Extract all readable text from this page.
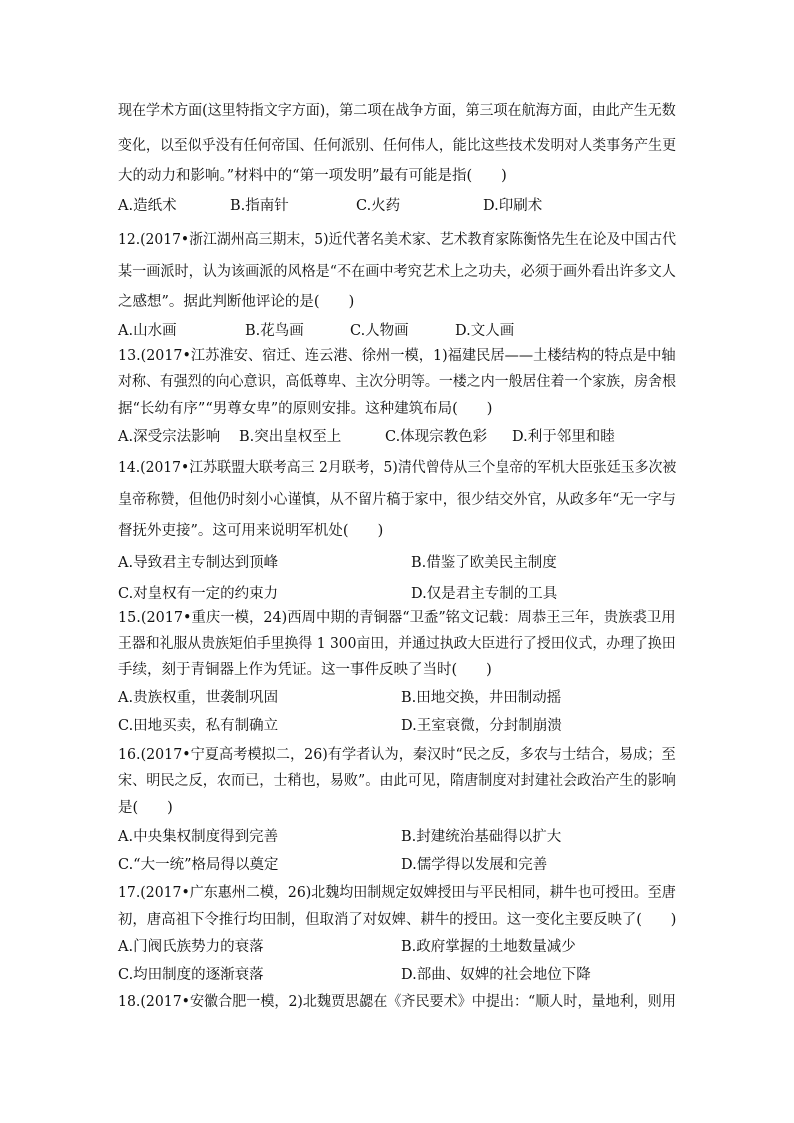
现在学术方面(这里特指文字方面)，第二项在战争方面，第三项在航海方面，由此产生无数
变化，以至似乎没有任何帝国、任何派别、任何伟人，能比这些技术发明对人类事务产生更
大的动力和影响。”材料中的“第一项发明”最有可能是指(　　)
A.造纸术	B.指南针	C.火药	D.印刷术
12.(2017•浙江湖州高三期末，5)近代著名美术家、艺术教育家陈衡恪先生在论及中国古代
某一画派时，认为该画派的风格是“不在画中考究艺术上之功夫，必须于画外看出许多文人
之感想”。据此判断他评论的是(　　)
A.山水画	B.花鸟画	C.人物画	D.文人画
13.(2017•江苏淮安、宿迁、连云港、徐州一模，1)福建民居——土楼结构的特点是中轴
对称、有强烈的向心意识，高低尊卑、主次分明等。一楼之内一般居住着一个家族，房舍根
据“长幼有序”“男尊女卑”的原则安排。这种建筑布局(　　)
A.深受宗法影响 B.突出皇权至上	C.体现宗教色彩 D.利于邻里和睦
14.(2017•江苏联盟大联考高三 2月联考，5)清代曾侍从三个皇帝的军机大臣张廷玉多次被
皇帝称赞，但他仍时刻小心谨慎，从不留片稿于家中，很少结交外官，从政多年“无一字与
督抚外吏接”。这可用来说明军机处(　　)
A.导致君主专制达到顶峰	B.借鉴了欧美民主制度
C.对皇权有一定的约束力	D.仅是君主专制的工具
15.(2017•重庆一模，24)西周中期的青铜器“卫盉”铭文记载：周恭王三年，贵族裘卫用
王器和礼服从贵族矩伯手里换得 1 300亩田，并通过执政大臣进行了授田仪式，办理了换田
手续，刻于青铜器上作为凭证。这一事件反映了当时(　　)
A.贵族权重，世袭制巩固	B.田地交换，井田制动摇
C.田地买卖，私有制确立	D.王室衰微，分封制崩溃
16.(2017•宁夏高考模拟二，26)有学者认为，秦汉时“民之反，多农与士结合，易成；至
宋、明民之反，农而已，士稍也，易败”。由此可见，隋唐制度对封建社会政治产生的影响
是(　　)
A.中央集权制度得到完善	B.封建统治基础得以扩大
C.“大一统”格局得以奠定	D.儒学得以发展和完善
17.(2017•广东惠州二模，26)北魏均田制规定奴婢授田与平民相同，耕牛也可授田。至唐
初，唐高祖下令推行均田制，但取消了对奴婢、耕牛的授田。这一变化主要反映了(　　)
A.门阀氏族势力的衰落	B.政府掌握的土地数量减少
C.均田制度的逐渐衰落	D.部曲、奴婢的社会地位下降
18.(2017•安徽合肥一模，2)北魏贾思勰在《齐民要术》中提出：“顺人时，量地利，则用
